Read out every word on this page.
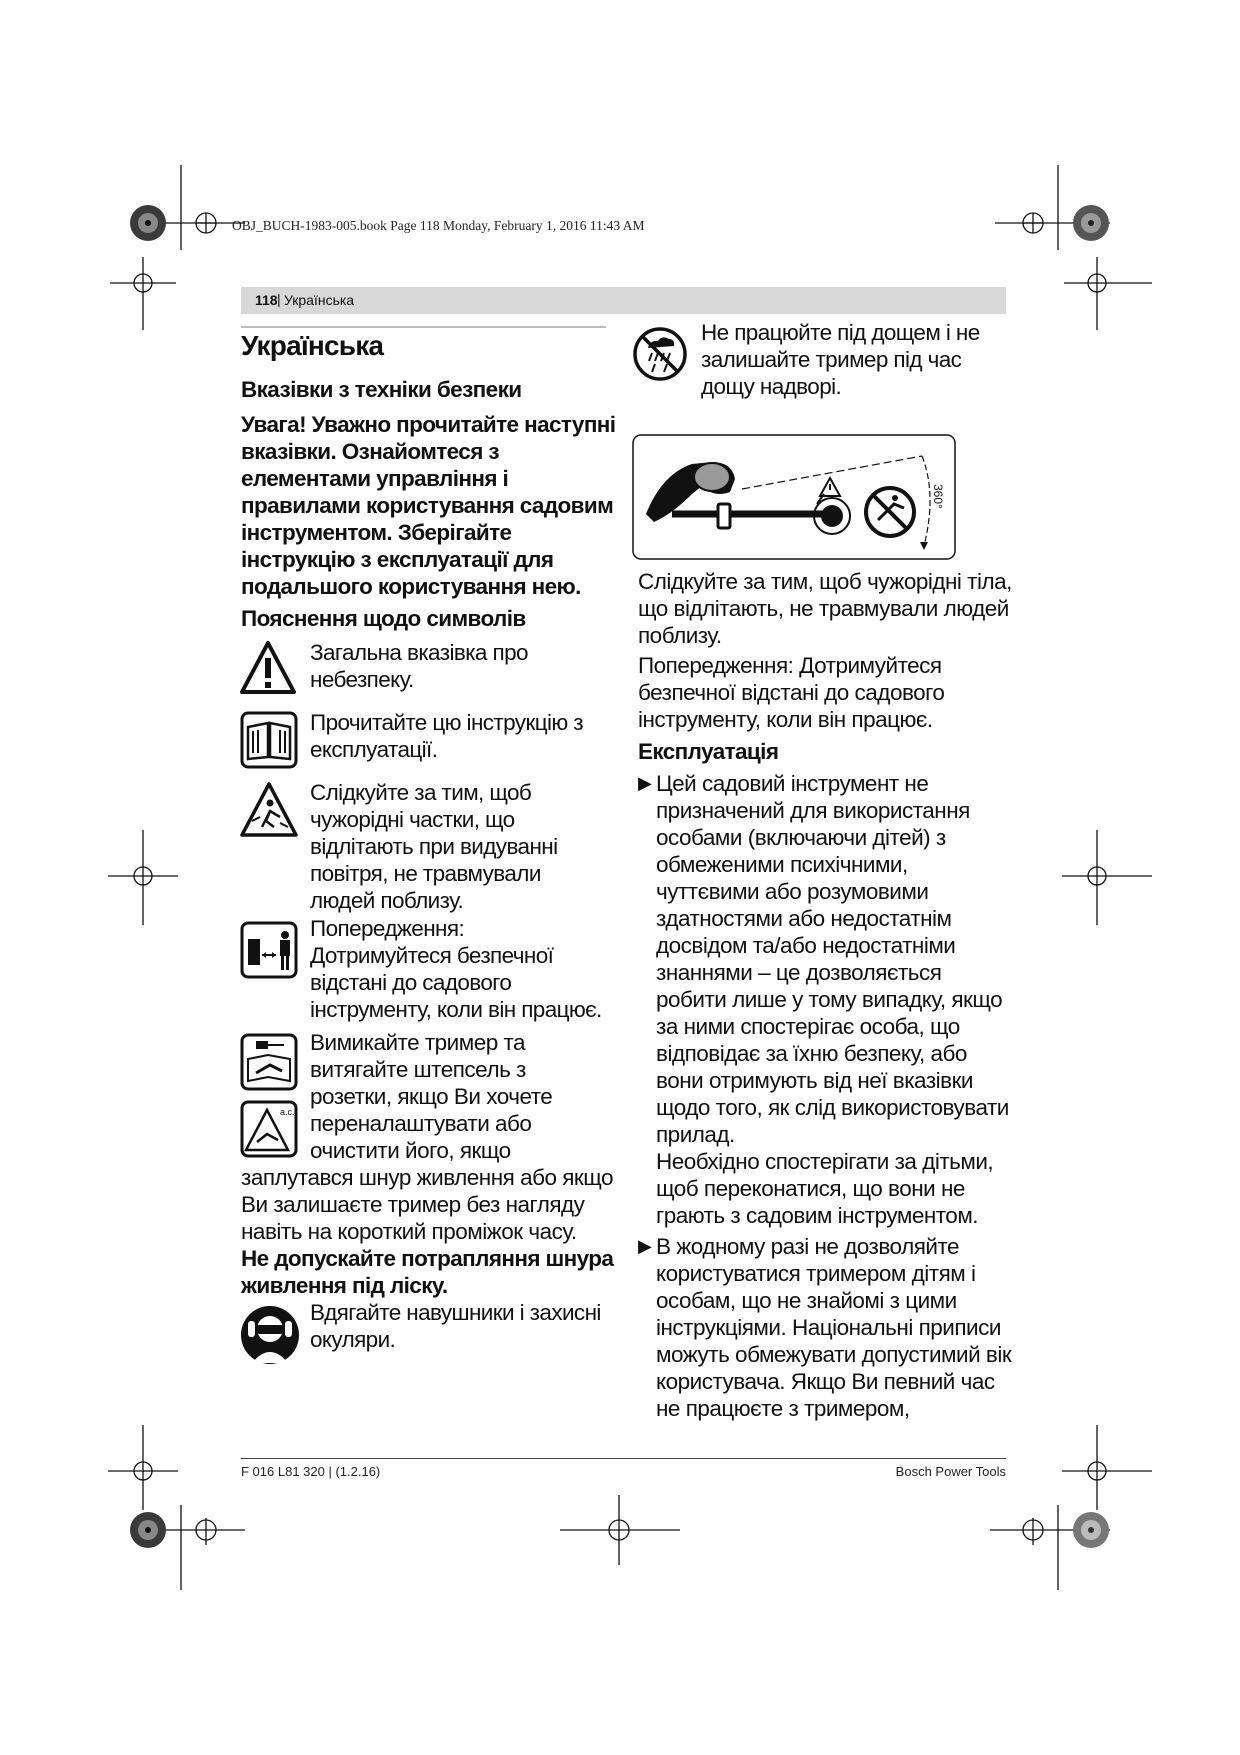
OBJ_BUCH-1983-005.book Page 118 Monday, February 1, 2016 11:43 AM
118 | Українська
Українська
Вказівки з техніки безпеки
Увага! Уважно прочитайте наступні вказівки. Ознайомтеся з елементами управління і правилами користування садовим інструментом. Зберігайте інструкцію з експлуатації для подальшого користування нею.
Пояснення щодо символів
Загальна вказівка про небезпеку.
Прочитайте цю інструкцію з експлуатації.
Слідкуйте за тим, щоб чужорідні частки, що відлітають при видуванні повітря, не травмували людей поблизу.
Попередження: Дотримуйтеся безпечної відстані до садового інструменту, коли він працює.
a.c.
Вимикайте тример та витягайте штепсель з розетки, якщо Ви хочете переналаштувати або очистити його, якщо
заплутався шнур живлення або якщо Ви залишаєте тример без нагляду навіть на короткий проміжок часу.
Не допускайте потрапляння шнура живлення під ліску.
Вдягайте навушники і захисні окуляри.
Не працюйте під дощем і не залишайте тример під час дощу надворі.
360°
Слідкуйте за тим, щоб чужорідні тіла, що відлітають, не травмували людей поблизу.
Попередження: Дотримуйтеся безпечної відстані до садового інструменту, коли він працює.
Експлуатація
▶ Цей садовий інструмент не призначений для використання особами (включаючи дітей) з обмеженими психічними, чуттєвими або розумовими здатностями або недостатнім досвідом та/або недостатніми знаннями – це дозволяється робити лише у тому випадку, якщо за ними спостерігає особа, що відповідає за їхню безпеку, або вони отримують від неї вказівки щодо того, як слід використовувати прилад.
Необхідно спостерігати за дітьми, щоб переконатися, що вони не грають з садовим інструментом.
▶ В жодному разі не дозволяйте користуватися тримером дітям і особам, що не знайомі з цими інструкціями. Національні приписи можуть обмежувати допустимий вік користувача. Якщо Ви певний час не працюєте з тримером,
F 016 L81 320 | (1.2.16)	Bosch Power Tools
